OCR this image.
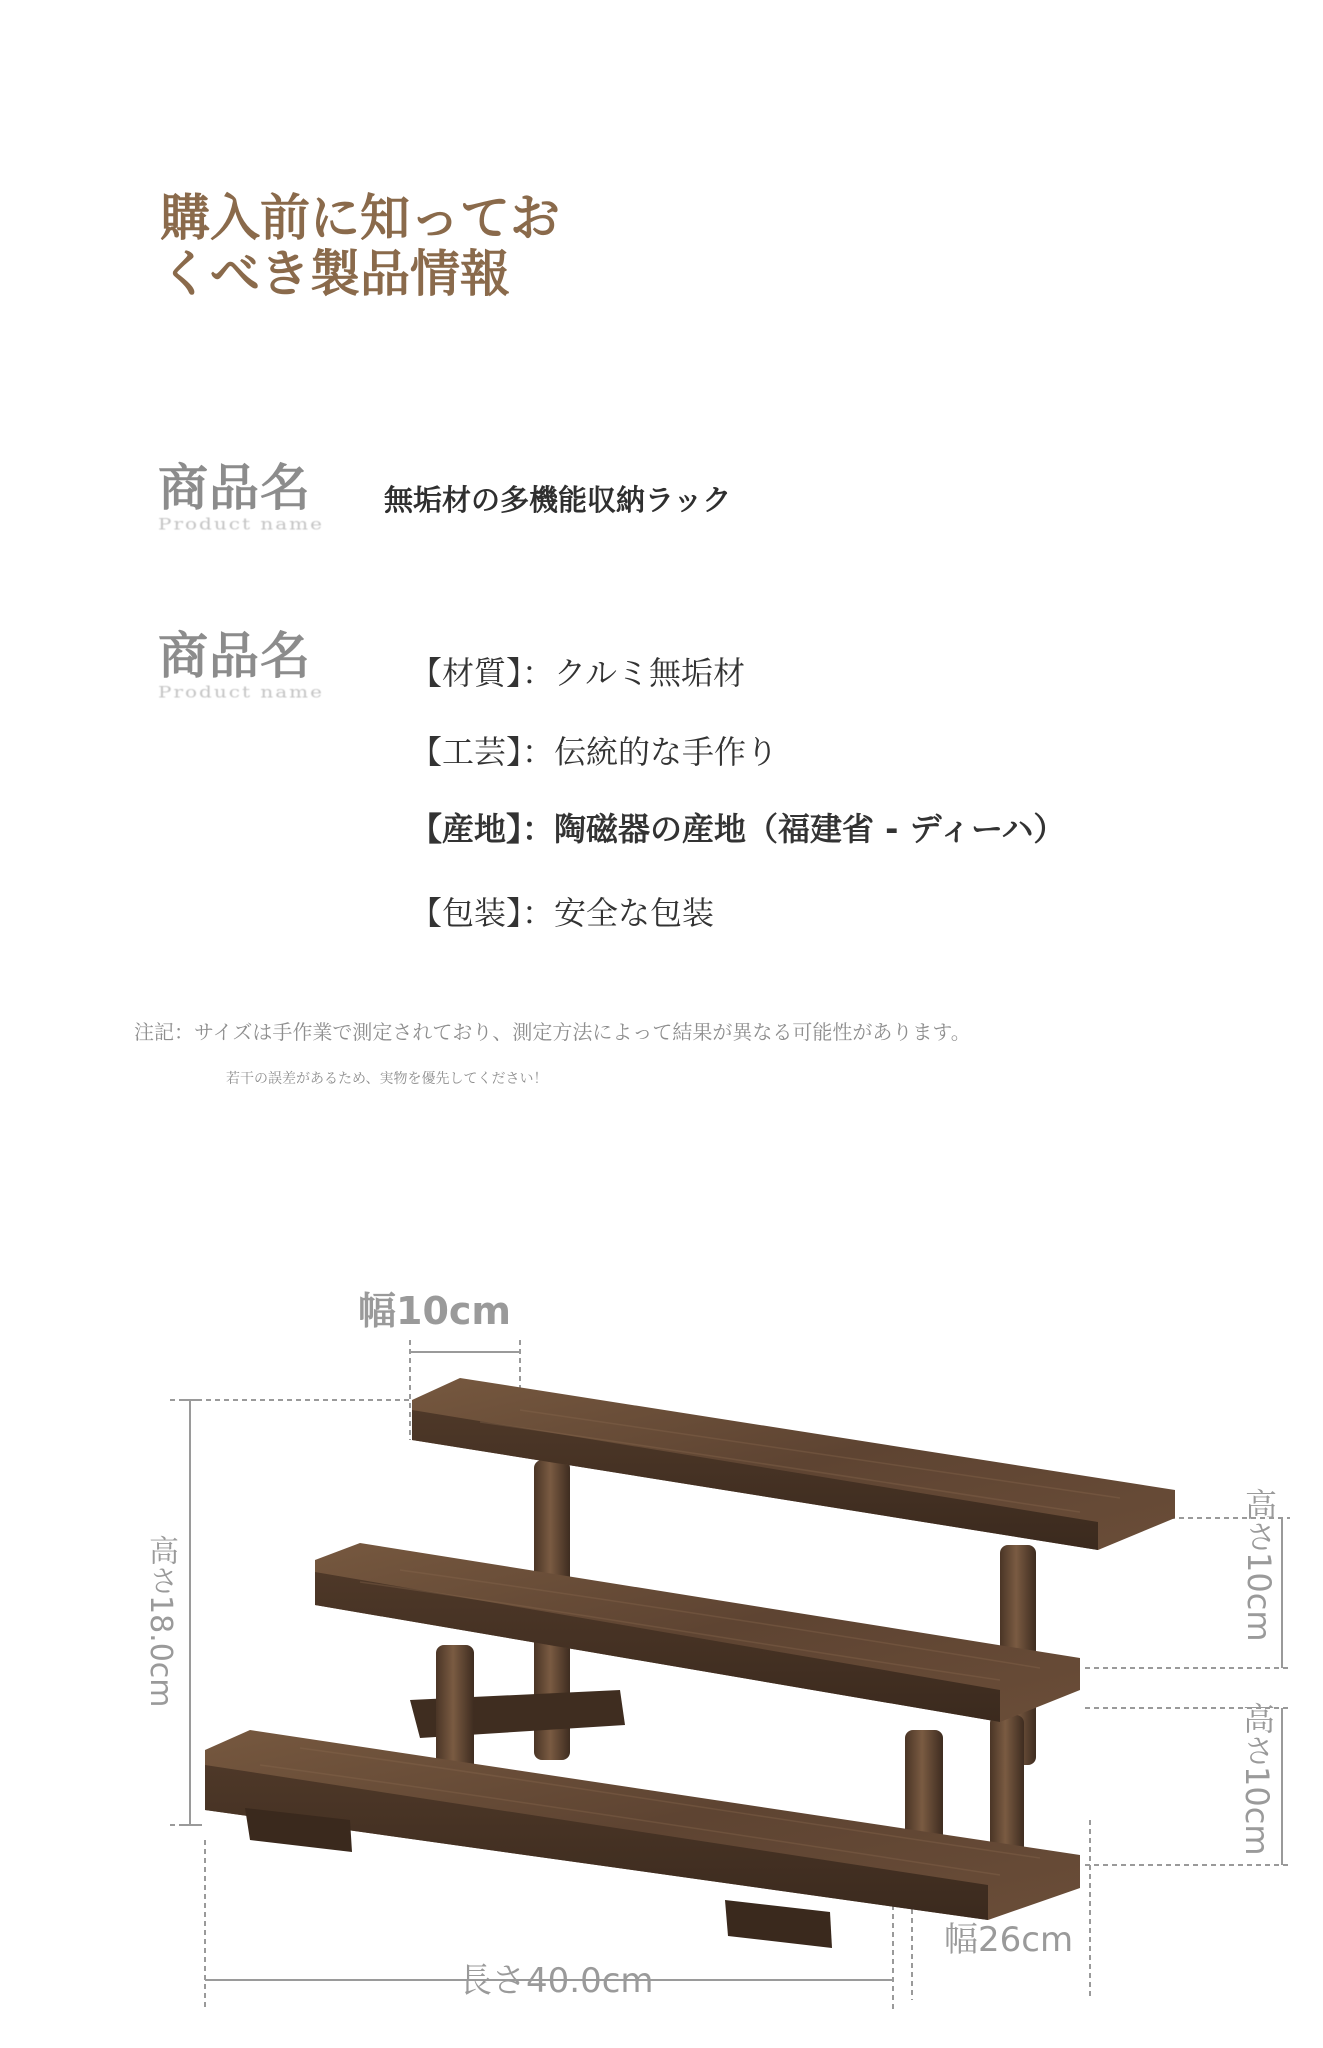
購入前に知ってお
くべき製品情報
商品名
Product name
無垢材の多機能収納ラック
商品名
Product name	【材質】：クルミ無垢材
【工芸】：伝統的な手作り
【産地】：陶磁器の産地（福建省 - ディーハ）
【包装】：安全な包装
注記：サイズは手作業で測定されており、測定方法によって結果が異なる可能性があります。
若干の誤差があるため、実物を優先してください！
幅10cm
高さ18.0cm	高さ10cm
高さ10cm
幅26cm
長さ40.0cm
